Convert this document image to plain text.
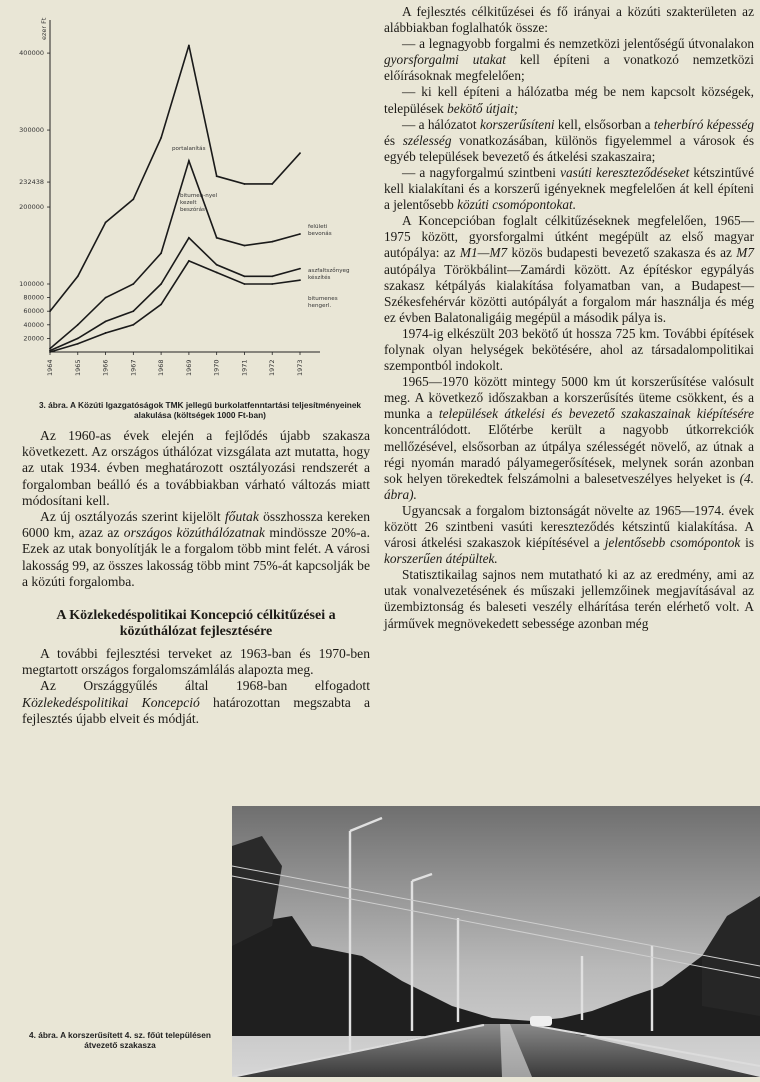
ezer Ft
20000
40000
60000
80000
100000
200000
232438
300000
400000
1964	1965	1966	1967	1968	1969	1970	1971	1972	1973
portalanítás
bitumen-nyel kezelt beszórás
felületi bevonás
aszfaltszőnyeg készítés
bitumenes hengerl.
3. ábra. A Közúti Igazgatóságok TMK jellegű burkolatfenntartási teljesítményeinek alakulása (költségek 1000 Ft-ban)

Az 1960-as évek elején a fejlődés újabb szakasza következett. Az országos úthálózat vizsgálata azt mutatta, hogy az utak 1934. évben meghatározott osztályozási rendszerét a forgalomban beálló és a továbbiakban várható változás miatt módosítani kell.

Az új osztályozás szerint kijelölt főutak összhossza kereken 6000 km, azaz az országos közúthálózatnak mindössze 20%-a. Ezek az utak bonyolítják le a forgalom több mint felét. A városi lakosság 99, az összes lakosság több mint 75%-át kapcsolják be a közúti forgalomba.

A Közlekedéspolitikai Koncepció célkitűzései a közúthálózat fejlesztésére

A további fejlesztési terveket az 1963-ban és 1970-ben megtartott országos forgalomszámlálás alapozta meg.

Az Országgyűlés által 1968-ban elfogadott Közlekedéspolitikai Koncepció határozottan megszabta a fejlesztés újabb elveit és módját.

A fejlesztés célkitűzései és fő irányai a közúti szakterületen az alábbiakban foglalhatók össze:

— a legnagyobb forgalmi és nemzetközi jelentőségű útvonalakon gyorsforgalmi utakat kell építeni a vonatkozó nemzetközi előírásoknak megfelelően;

— ki kell építeni a hálózatba még be nem kapcsolt községek, települések bekötő útjait;

— a hálózatot korszerűsíteni kell, elsősorban a teherbíró képesség és szélesség vonatkozásában, különös figyelemmel a városok és egyéb települések bevezető és átkelési szakaszaira;

— a nagyforgalmú szintbeni vasúti kereszteződéseket kétszintűvé kell kialakítani és a korszerű igényeknek megfelelően át kell építeni a jelentősebb közúti csomópontokat.

A Koncepcióban foglalt célkitűzéseknek megfelelően, 1965—1975 között, gyorsforgalmi útként megépült az első magyar autópálya: az M1—M7 közös budapesti bevezető szakasza és az M7 autópálya Törökbálint—Zamárdi között. Az építéskor egypályás szakasz kétpályás kialakítása folyamatban van, a Budapest—Székesfehérvár közötti autópályát a forgalom már használja és még ez évben Balatonaligáig megépül a második pálya is.

1974-ig elkészült 203 bekötő út hossza 725 km. További építések folynak olyan helységek bekötésére, ahol az társadalompolitikai szempontból indokolt.

1965—1970 között mintegy 5000 km út korszerűsítése valósult meg. A következő időszakban a korszerűsítés üteme csökkent, és a munka a települések átkelési és bevezető szakaszainak kiépítésére koncentrálódott. Előtérbe került a nagyobb útkorrekciók mellőzésével, elsősorban az útpálya szélességét növelő, az útnak a régi nyomán maradó pályamegerősítések, melynek során azonban sok helyen törekedtek felszámolni a balesetveszélyes helyeket is (4. ábra).

Ugyancsak a forgalom biztonságát növelte az 1965—1974. évek között 26 szintbeni vasúti kereszteződés kétszintű kialakítása. A városi átkelési szakaszok kiépítésével a jelentősebb csomópontok is korszerűen átépültek.

Statisztikailag sajnos nem mutatható ki az az eredmény, ami az utak vonalvezetésének és műszaki jellemzőinek megjavításával az üzembiztonság és baleseti veszély elhárítása terén elérhető volt. A járművek megnövekedett sebessége azonban még

4. ábra. A korszerűsített 4. sz. főút településen átvezető szakasza
